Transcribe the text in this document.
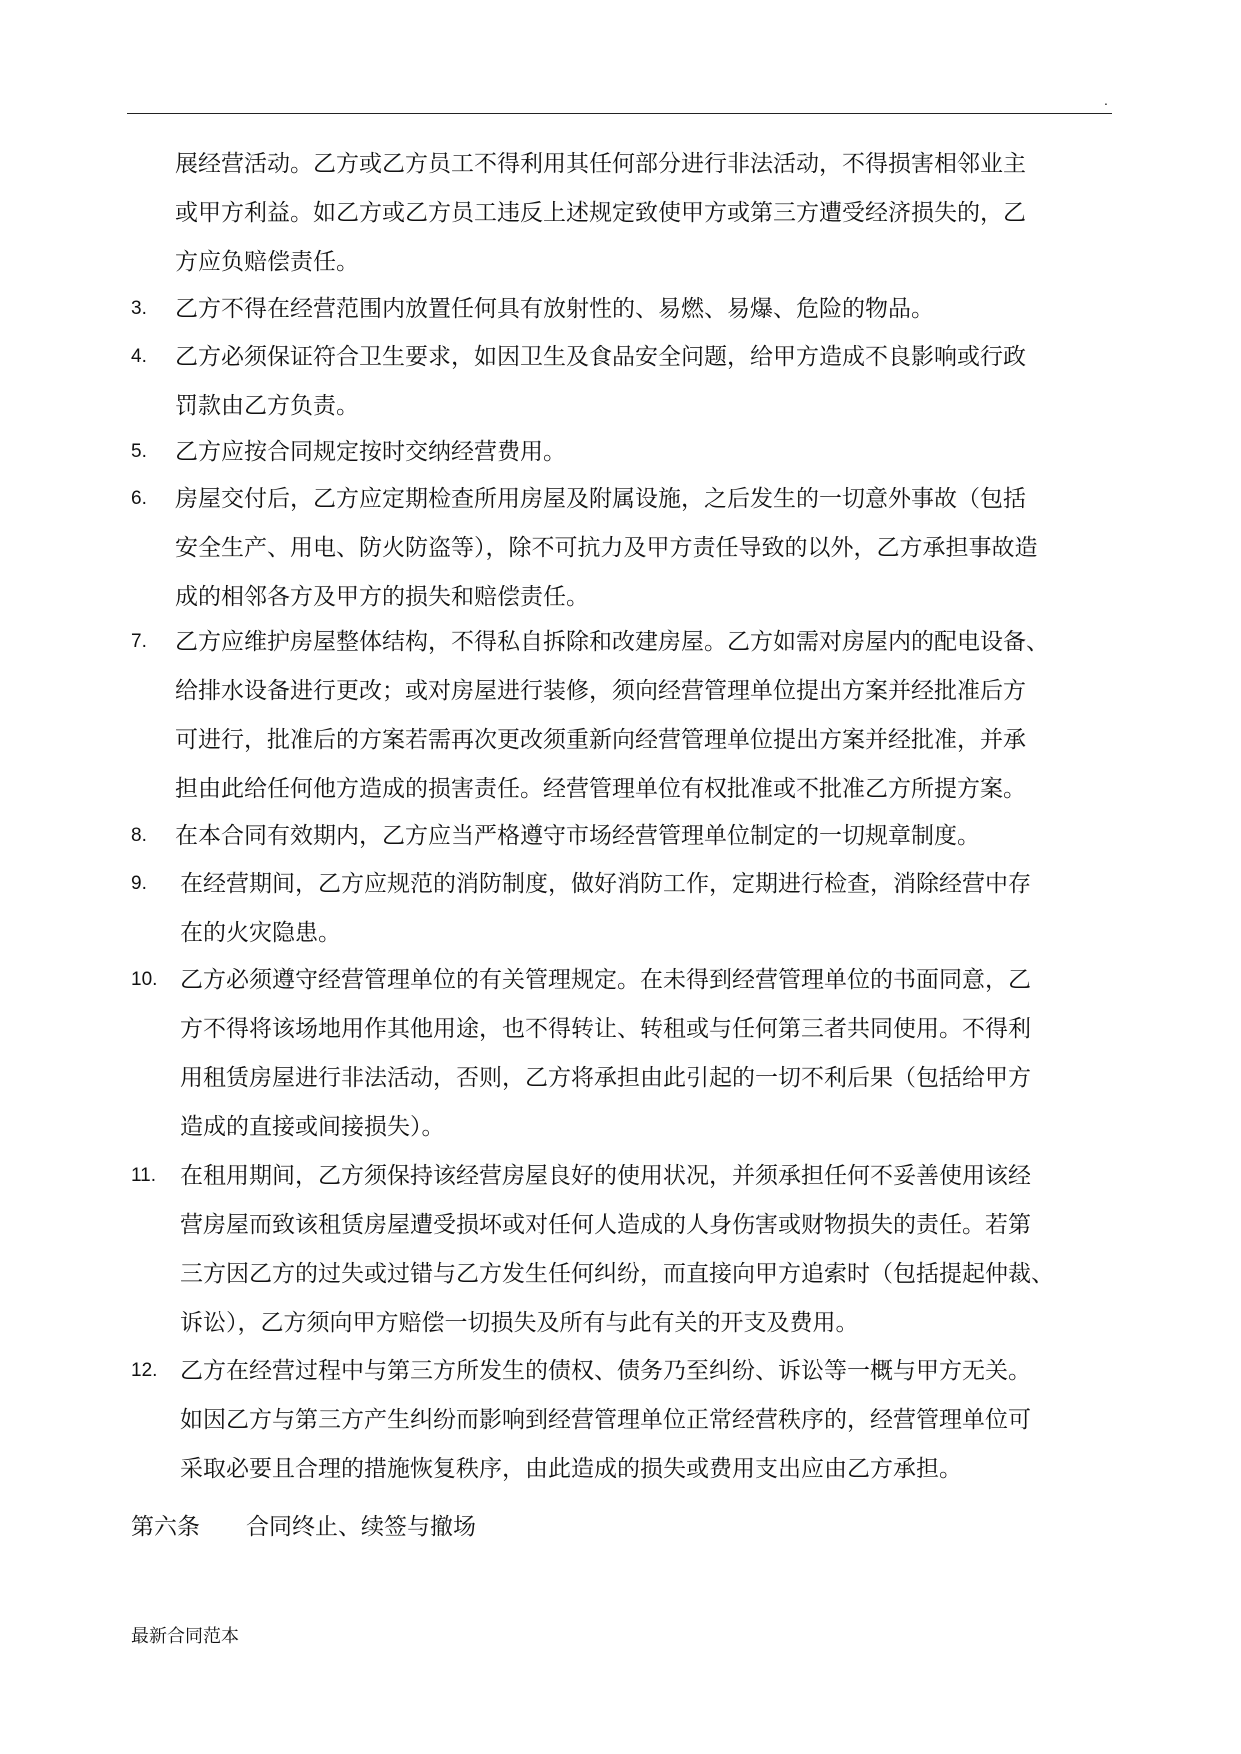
.
展经营活动。乙方或乙方员工不得利用其任何部分进行非法活动，不得损害相邻业主
或甲方利益。如乙方或乙方员工违反上述规定致使甲方或第三方遭受经济损失的，乙
方应负赔偿责任。
3. 乙方不得在经营范围内放置任何具有放射性的、易燃、易爆、危险的物品。
4. 乙方必须保证符合卫生要求，如因卫生及食品安全问题，给甲方造成不良影响或行政
罚款由乙方负责。
5. 乙方应按合同规定按时交纳经营费用。
6. 房屋交付后，乙方应定期检查所用房屋及附属设施，之后发生的一切意外事故（包括
安全生产、用电、防火防盗等），除不可抗力及甲方责任导致的以外，乙方承担事故造
成的相邻各方及甲方的损失和赔偿责任。
7. 乙方应维护房屋整体结构，不得私自拆除和改建房屋。乙方如需对房屋内的配电设备、
给排水设备进行更改；或对房屋进行装修，须向经营管理单位提出方案并经批准后方
可进行，批准后的方案若需再次更改须重新向经营管理单位提出方案并经批准，并承
担由此给任何他方造成的损害责任。经营管理单位有权批准或不批准乙方所提方案。
8. 在本合同有效期内，乙方应当严格遵守市场经营管理单位制定的一切规章制度。
9. 在经营期间，乙方应规范的消防制度，做好消防工作，定期进行检查，消除经营中存
在的火灾隐患。
10. 乙方必须遵守经营管理单位的有关管理规定。在未得到经营管理单位的书面同意，乙
方不得将该场地用作其他用途，也不得转让、转租或与任何第三者共同使用。不得利
用租赁房屋进行非法活动，否则，乙方将承担由此引起的一切不利后果（包括给甲方
造成的直接或间接损失）。
11. 在租用期间，乙方须保持该经营房屋良好的使用状况，并须承担任何不妥善使用该经
营房屋而致该租赁房屋遭受损坏或对任何人造成的人身伤害或财物损失的责任。若第
三方因乙方的过失或过错与乙方发生任何纠纷，而直接向甲方追索时（包括提起仲裁、
诉讼），乙方须向甲方赔偿一切损失及所有与此有关的开支及费用。
12. 乙方在经营过程中与第三方所发生的债权、债务乃至纠纷、诉讼等一概与甲方无关。
如因乙方与第三方产生纠纷而影响到经营管理单位正常经营秩序的，经营管理单位可
采取必要且合理的措施恢复秩序，由此造成的损失或费用支出应由乙方承担。
第六条 合同终止、续签与撤场
最新合同范本
